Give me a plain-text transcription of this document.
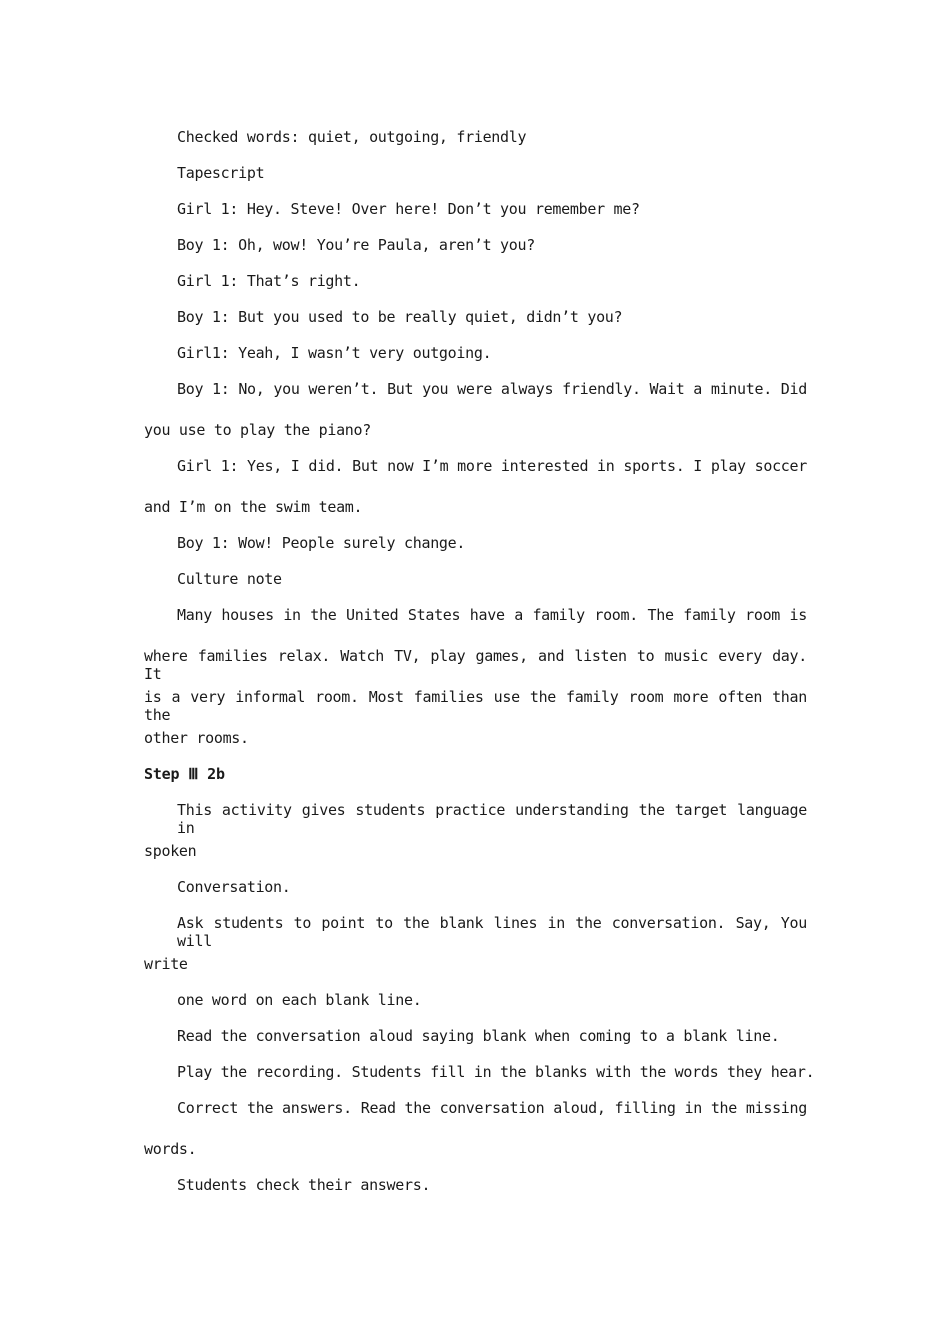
Checked words: quiet, outgoing, friendly
Tapescript
Girl 1: Hey. Steve! Over here! Don’t you remember me?
Boy 1: Oh, wow! You’re Paula, aren’t you?
Girl 1: That’s right.
Boy 1: But you used to be really quiet, didn’t you?
Girl1: Yeah, I wasn’t very outgoing.
Boy 1: No, you weren’t. But you were always friendly. Wait a minute. Did
you use to play the piano?
Girl 1: Yes, I did. But now I’m more interested in sports. I play soccer
and I’m on the swim team.
Boy 1: Wow! People surely change.
Culture note
Many houses in the United States have a family room. The family room is
where families relax. Watch TV, play games, and listen to music every day. It
is a very informal room. Most families use the family room more often than the
other rooms.
Step Ⅲ 2b
This activity gives students practice understanding the target language in
spoken
Conversation.
Ask students to point to the blank lines in the conversation. Say, You will
write
one word on each blank line.
Read the conversation aloud saying blank when coming to a blank line.
Play the recording. Students fill in the blanks with the words they hear.
Correct the answers. Read the conversation aloud, filling in the missing
words.
Students check their answers.
